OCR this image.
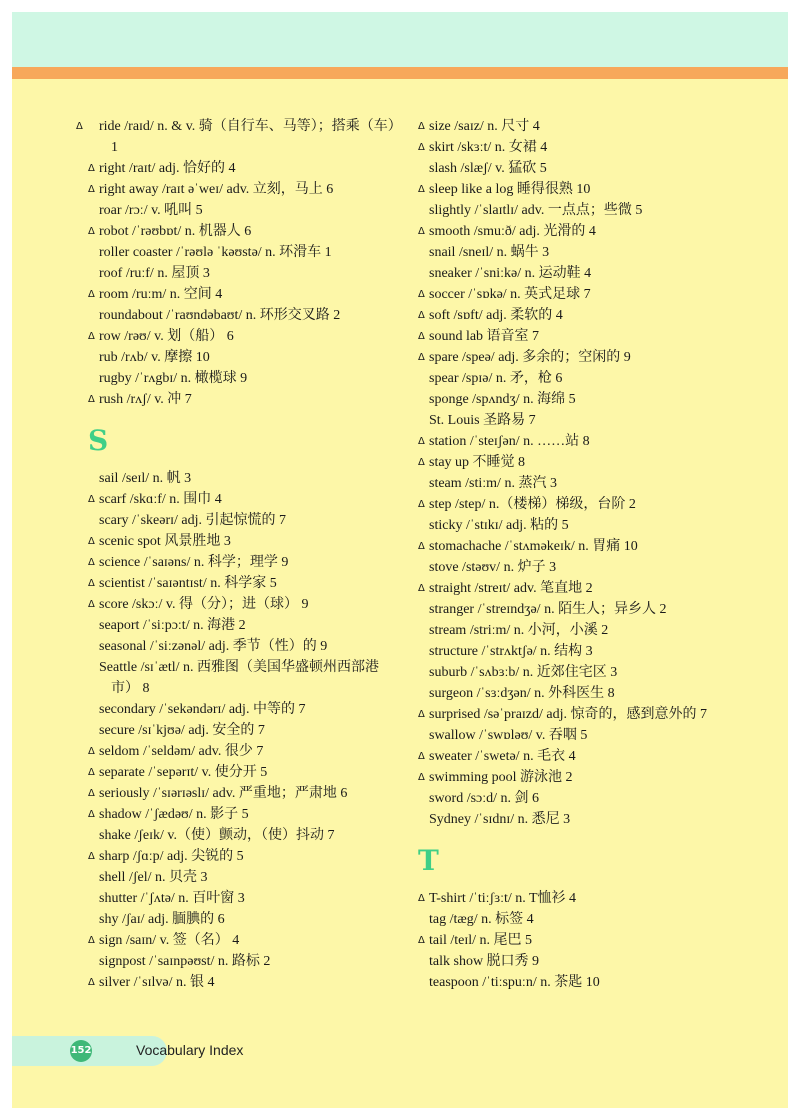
Δ	ride /raɪd/ n. & v. 骑（自行车、马等）；搭乘（车） 1
Δ right /raɪt/ adj. 恰好的 4
Δ right away /raɪt əˈweɪ/ adv. 立刻，马上 6
roar /rɔː/ v. 吼叫 5
Δ robot /ˈrəʊbɒt/ n. 机器人 6
roller coaster /ˈrəʊlə ˈkəʊstə/ n. 环滑车 1
roof /ruːf/ n. 屋顶 3
Δ room /ruːm/ n. 空间 4
roundabout /ˈraʊndəbaʊt/ n. 环形交叉路 2
Δ row /rəʊ/ v. 划（船） 6
rub /rʌb/ v. 摩擦 10
rugby /ˈrʌgbɪ/ n. 橄榄球 9
Δ rush /rʌʃ/ v. 冲 7
S
sail /seɪl/ n. 帆 3
Δ scarf /skɑːf/ n. 围巾 4
scary /ˈskeərɪ/ adj. 引起惊慌的 7
Δ scenic spot 风景胜地 3
Δ science /ˈsaɪəns/ n. 科学；理学 9
Δ scientist /ˈsaɪəntɪst/ n. 科学家 5
Δ score /skɔː/ v. 得（分）；进（球） 9
seaport /ˈsiːpɔːt/ n. 海港 2
seasonal /ˈsiːzənəl/ adj. 季节（性）的 9
Seattle /sɪˈætl/ n. 西雅图（美国华盛顿州西部港市） 8
secondary /ˈsekəndərɪ/ adj. 中等的 7
secure /sɪˈkjʊə/ adj. 安全的 7
Δ seldom /ˈseldəm/ adv. 很少 7
Δ separate /ˈsepərɪt/ v. 使分开 5
Δ seriously /ˈsɪərɪəslɪ/ adv. 严重地；严肃地 6
Δ shadow /ˈʃædəʊ/ n. 影子 5
shake /ʃeɪk/ v.（使）颤动，（使）抖动 7
Δ sharp /ʃɑːp/ adj. 尖锐的 5
shell /ʃel/ n. 贝壳 3
shutter /ˈʃʌtə/ n. 百叶窗 3
shy /ʃaɪ/ adj. 腼腆的 6
Δ sign /saɪn/ v. 签（名） 4
signpost /ˈsaɪnpəʊst/ n. 路标 2
Δ silver /ˈsɪlvə/ n. 银 4
Δ size /saɪz/ n. 尺寸 4
Δ skirt /skɜːt/ n. 女裙 4
slash /slæʃ/ v. 猛砍 5
Δ sleep like a log 睡得很熟 10
slightly /ˈslaɪtlɪ/ adv. 一点点；些微 5
Δ smooth /smuːð/ adj. 光滑的 4
snail /sneɪl/ n. 蜗牛 3
sneaker /ˈsniːkə/ n. 运动鞋 4
Δ soccer /ˈsɒkə/ n. 英式足球 7
Δ soft /sɒft/ adj. 柔软的 4
Δ sound lab 语音室 7
Δ spare /speə/ adj. 多余的；空闲的 9
spear /spɪə/ n. 矛，枪 6
sponge /spʌndʒ/ n. 海绵 5
St. Louis 圣路易 7
Δ station /ˈsteɪʃən/ n. ……站 8
Δ stay up 不睡觉 8
steam /stiːm/ n. 蒸汽 3
Δ step /step/ n.（楼梯）梯级，台阶 2
sticky /ˈstɪkɪ/ adj. 粘的 5
Δ stomachache /ˈstʌməkeɪk/ n. 胃痛 10
stove /stəʊv/ n. 炉子 3
Δ straight /streɪt/ adv. 笔直地 2
stranger /ˈstreɪndʒə/ n. 陌生人；异乡人 2
stream /striːm/ n. 小河，小溪 2
structure /ˈstrʌktʃə/ n. 结构 3
suburb /ˈsʌbɜːb/ n. 近郊住宅区 3
surgeon /ˈsɜːdʒən/ n. 外科医生 8
Δ surprised /səˈpraɪzd/ adj. 惊奇的，感到意外的 7
swallow /ˈswɒləʊ/ v. 吞咽 5
Δ sweater /ˈswetə/ n. 毛衣 4
Δ swimming pool 游泳池 2
sword /sɔːd/ n. 剑 6
Sydney /ˈsɪdnɪ/ n. 悉尼 3
T
Δ T-shirt /ˈtiːʃɜːt/ n. T恤衫 4
tag /tæg/ n. 标签 4
Δ tail /teɪl/ n. 尾巴 5
talk show 脱口秀 9
teaspoon /ˈtiːspuːn/ n. 茶匙 10
152	Vocabulary Index
